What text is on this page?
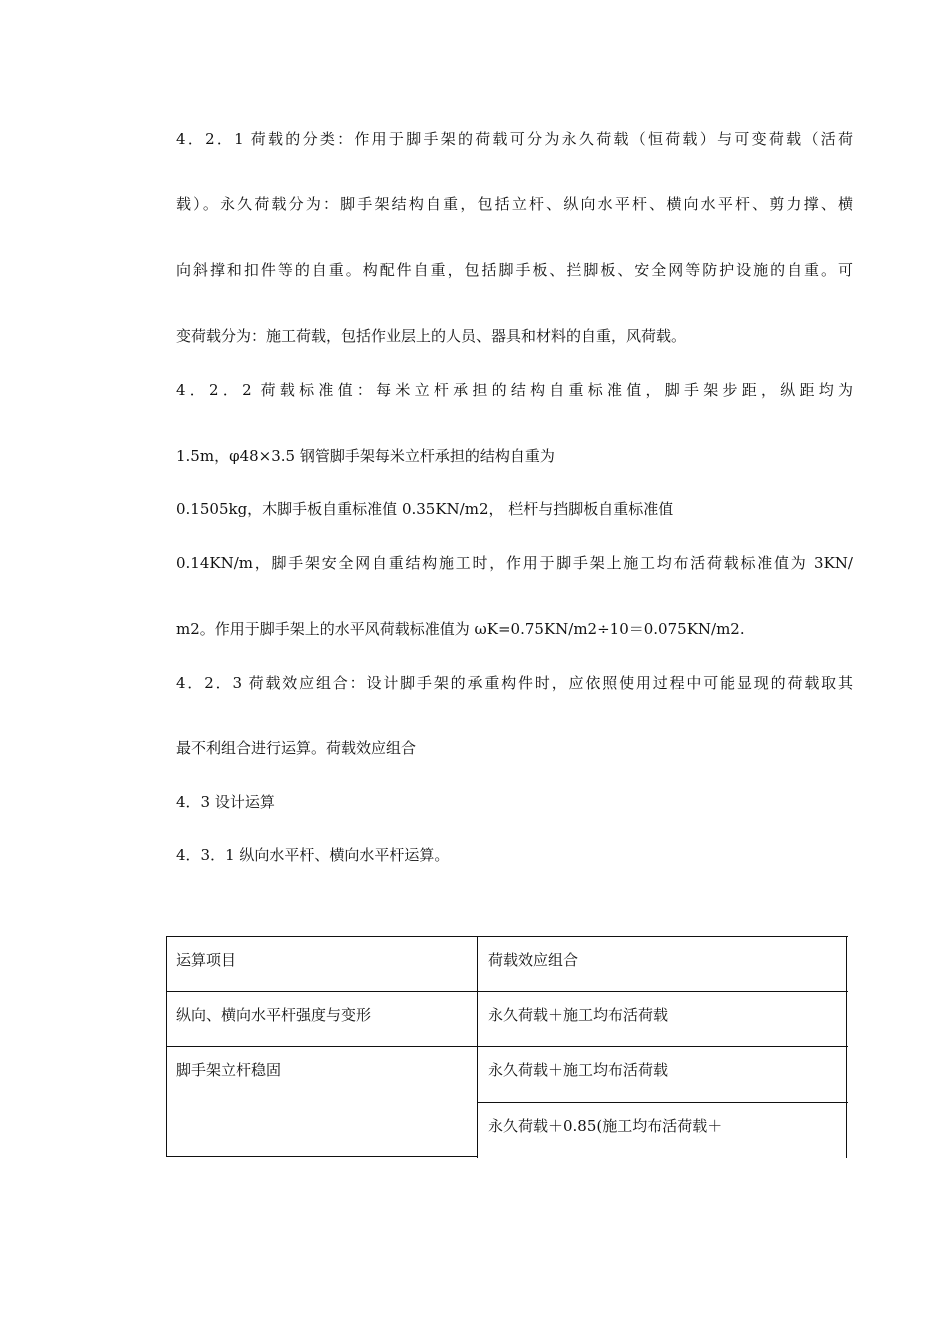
4．2．1 荷载的分类：作用于脚手架的荷载可分为永久荷载（恒荷载）与可变荷载（活荷

载）。永久荷载分为：脚手架结构自重，包括立杆、纵向水平杆、横向水平杆、剪力撑、横

向斜撑和扣件等的自重。构配件自重，包括脚手板、拦脚板、安全网等防护设施的自重。可

变荷载分为：施工荷载，包括作业层上的人员、器具和材料的自重，风荷载。

4．2．2 荷载标准值：每米立杆承担的结构自重标准值，脚手架步距，纵距均为

1.5m，φ48×3.5 钢管脚手架每米立杆承担的结构自重为

0.1505kg，木脚手板自重标准值 0.35KN/m2， 栏杆与挡脚板自重标准值

0.14KN/m，脚手架安全网自重结构施工时，作用于脚手架上施工均布活荷载标准值为 3KN/

m2。作用于脚手架上的水平风荷载标准值为 ωK=0.75KN/m2÷10＝0.075KN/m2.

4．2．3 荷载效应组合：设计脚手架的承重构件时，应依照使用过程中可能显现的荷载取其

最不利组合进行运算。荷载效应组合

4．3 设计运算

4．3．1 纵向水平杆、横向水平杆运算。

运算项目	荷载效应组合
纵向、横向水平杆强度与变形	永久荷载＋施工均布活荷载
脚手架立杆稳固	永久荷载＋施工均布活荷载
永久荷载＋0.85(施工均布活荷载＋
